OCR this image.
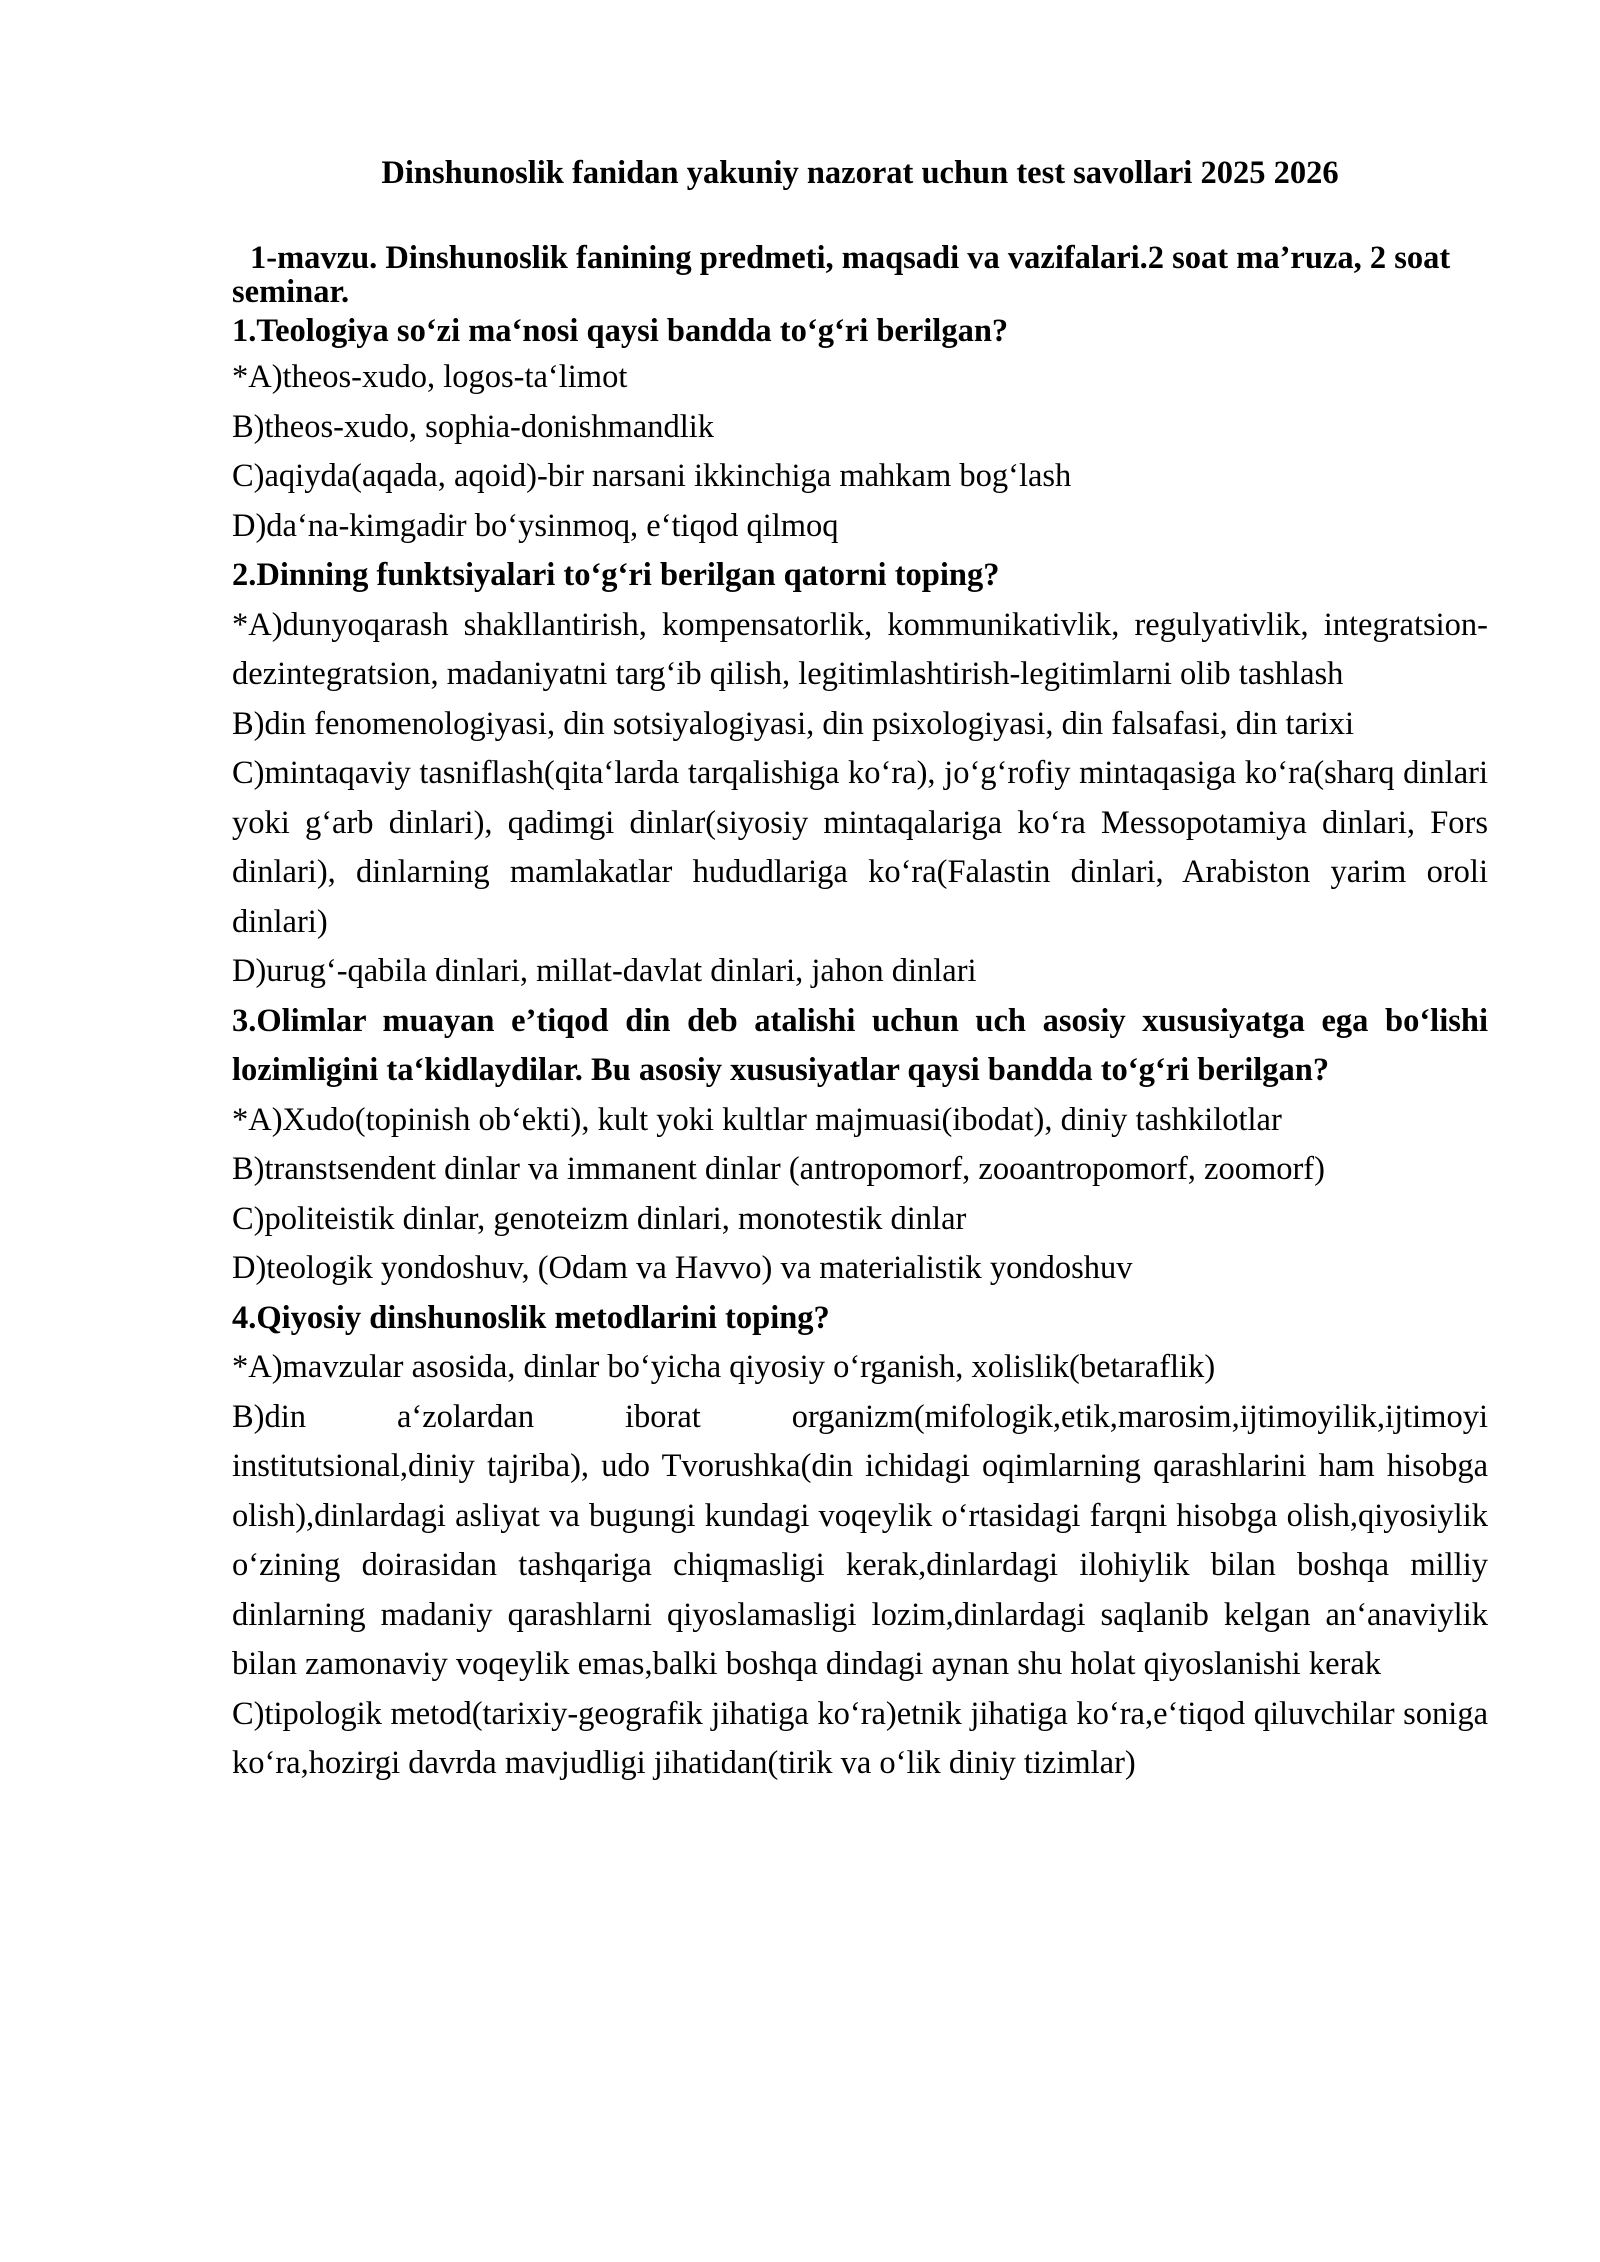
Dinshunoslik fanidan yakuniy nazorat uchun test savollari 2025 2026

1-mavzu. Dinshunoslik fanining predmeti, maqsadi va vazifalari.2 soat ma’ruza, 2 soat seminar.

1.Teologiya so‘zi ma‘nosi qaysi bandda to‘g‘ri berilgan?

*A)theos-xudo, logos-ta‘limot

B)theos-xudo, sophia-donishmandlik

C)aqiyda(aqada, aqoid)-bir narsani ikkinchiga mahkam bog‘lash

D)da‘na-kimgadir bo‘ysinmoq, e‘tiqod qilmoq

2.Dinning funktsiyalari to‘g‘ri berilgan qatorni toping?

*A)dunyoqarash shakllantirish, kompensatorlik, kommunikativlik, regulyativlik, integratsion-dezintegratsion, madaniyatni targ‘ib qilish, legitimlashtirish-legitimlarni olib tashlash

B)din fenomenologiyasi, din sotsiyalogiyasi, din psixologiyasi, din falsafasi, din tarixi

C)mintaqaviy tasniflash(qita‘larda tarqalishiga ko‘ra), jo‘g‘rofiy mintaqasiga ko‘ra(sharq dinlari yoki g‘arb dinlari), qadimgi dinlar(siyosiy mintaqalariga ko‘ra Messopotamiya dinlari, Fors dinlari), dinlarning mamlakatlar hududlariga ko‘ra(Falastin dinlari, Arabiston yarim oroli dinlari)

D)urug‘-qabila dinlari, millat-davlat dinlari, jahon dinlari

3.Olimlar muayan e’tiqod din deb atalishi uchun uch asosiy xususiyatga ega bo‘lishi lozimligini ta‘kidlaydilar. Bu asosiy xususiyatlar qaysi bandda to‘g‘ri berilgan?

*A)Xudo(topinish ob‘ekti), kult yoki kultlar majmuasi(ibodat), diniy tashkilotlar

B)transtsendent dinlar va immanent dinlar (antropomorf, zooantropomorf, zoomorf)

C)politeistik dinlar, genoteizm dinlari, monotestik dinlar

D)teologik yondoshuv, (Odam va Havvo) va materialistik yondoshuv

4.Qiyosiy dinshunoslik metodlarini toping?

*A)mavzular asosida, dinlar bo‘yicha qiyosiy o‘rganish, xolislik(betaraflik)

B)din a‘zolardan iborat organizm(mifologik,etik,marosim,ijtimoyilik,ijtimoyi institutsional,diniy tajriba), udo Tvorushka(din ichidagi oqimlarning qarashlarini ham hisobga olish),dinlardagi asliyat va bugungi kundagi voqeylik o‘rtasidagi farqni hisobga olish,qiyosiylik o‘zining doirasidan tashqariga chiqmasligi kerak,dinlardagi ilohiylik bilan boshqa milliy dinlarning madaniy qarashlarni qiyoslamasligi lozim,dinlardagi saqlanib kelgan an‘anaviylik bilan zamonaviy voqeylik emas,balki boshqa dindagi aynan shu holat qiyoslanishi kerak

C)tipologik metod(tarixiy-geografik jihatiga ko‘ra)etnik jihatiga ko‘ra,e‘tiqod qiluvchilar soniga ko‘ra,hozirgi davrda mavjudligi jihatidan(tirik va o‘lik diniy tizimlar)
